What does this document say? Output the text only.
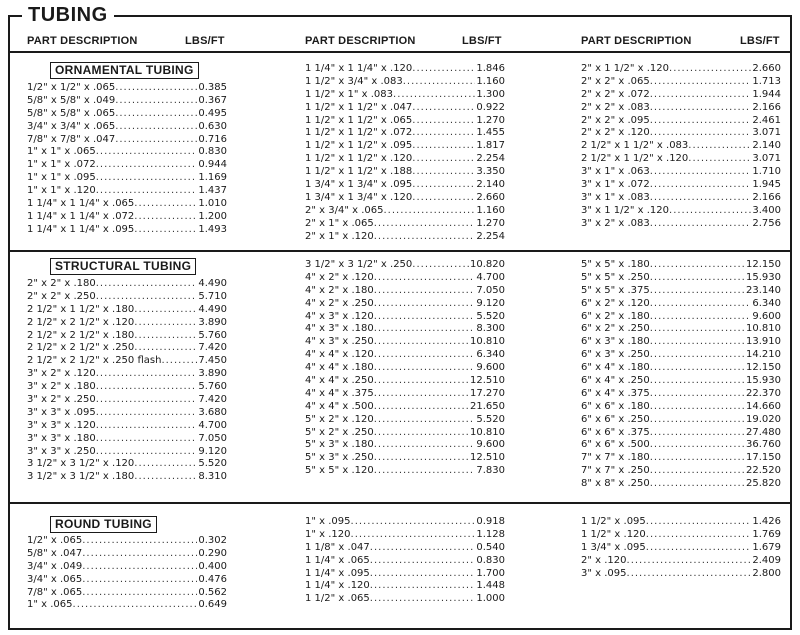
TUBING
PART DESCRIPTION	LBS/FT	PART DESCRIPTION	LBS/FT	PART DESCRIPTION	LBS/FT
ORNAMENTAL TUBING
STRUCTURAL TUBING
ROUND TUBING
1/2" x 1/2" x .065 .....	0.385
5/8" x 5/8" x .049 .....	0.367
5/8" x 5/8" x .065 .....	0.495
3/4" x 3/4" x .065 .....	0.630
7/8" x 7/8" x .047 .....	0.716
1" x 1" x .065 .....	0.830
1" x 1" x .072 .....	0.944
1" x 1" x .095 .....	1.169
1" x 1" x .120 .....	1.437
1 1/4" x 1 1/4" x .065 .....	1.010
1 1/4" x 1 1/4" x .072 .....	1.200
1 1/4" x 1 1/4" x .095 .....	1.493
1 1/4" x 1 1/4" x .120 .....	1.846
1 1/2" x 3/4" x .083 .....	1.160
1 1/2" x 1" x .083 .....	1.300
1 1/2" x 1 1/2" x .047 .....	0.922
1 1/2" x 1 1/2" x .065 .....	1.270
1 1/2" x 1 1/2" x .072 .....	1.455
1 1/2" x 1 1/2" x .095 .....	1.817
1 1/2" x 1 1/2" x .120 .....	2.254
1 1/2" x 1 1/2" x .188 .....	3.350
1 3/4" x 1 3/4" x .095 .....	2.140
1 3/4" x 1 3/4" x .120 .....	2.660
2" x 3/4" x .065 .....	1.160
2" x 1" x .065 .....	1.270
2" x 1" x .120 .....	2.254
2" x 1 1/2" x .120 .....	2.660
2" x 2" x .065 .....	1.713
2" x 2" x .072 .....	1.944
2" x 2" x .083 .....	2.166
2" x 2" x .095 .....	2.461
2" x 2" x .120 .....	3.071
2 1/2" x 1 1/2" x .083 .....	2.140
2 1/2" x 1 1/2" x .120 .....	3.071
3" x 1" x .063 .....	1.710
3" x 1" x .072 .....	1.945
3" x 1" x .083 .....	2.166
3" x 1 1/2" x .120 .....	3.400
3" x 2" x .083 .....	2.756
2" x 2" x .180 .....	4.490
2" x 2" x .250 .....	5.710
2 1/2" x 1 1/2" x .180 .....	4.490
2 1/2" x 2 1/2" x .120 .....	3.890
2 1/2" x 2 1/2" x .180 .....	5.760
2 1/2" x 2 1/2" x .250 .....	7.420
2 1/2" x 2 1/2" x .250 flash .....	7.450
3" x 2" x .120 .....	3.890
3" x 2" x .180 .....	5.760
3" x 2" x .250 .....	7.420
3" x 3" x .095 .....	3.680
3" x 3" x .120 .....	4.700
3" x 3" x .180 .....	7.050
3" x 3" x .250 .....	9.120
3 1/2" x 3 1/2" x .120 .....	5.520
3 1/2" x 3 1/2" x .180 .....	8.310
3 1/2" x 3 1/2" x .250 .....	10.820
4" x 2" x .120 .....	4.700
4" x 2" x .180 .....	7.050
4" x 2" x .250 .....	9.120
4" x 3" x .120 .....	5.520
4" x 3" x .180 .....	8.300
4" x 3" x .250 .....	10.810
4" x 4" x .120 .....	6.340
4" x 4" x .180 .....	9.600
4" x 4" x .250 .....	12.510
4" x 4" x .375 .....	17.270
4" x 4" x .500 .....	21.650
5" x 2" x .120 .....	5.520
5" x 2" x .250 .....	10.810
5" x 3" x .180 .....	9.600
5" x 3" x .250 .....	12.510
5" x 5" x .120 .....	7.830
5" x 5" x .180 .....	12.150
5" x 5" x .250 .....	15.930
5" x 5" x .375 .....	23.140
6" x 2" x .120 .....	6.340
6" x 2" x .180 .....	9.600
6" x 2" x .250 .....	10.810
6" x 3" x .180 .....	13.910
6" x 3" x .250 .....	14.210
6" x 4" x .180 .....	12.150
6" x 4" x .250 .....	15.930
6" x 4" x .375 .....	22.370
6" x 6" x .180 .....	14.660
6" x 6" x .250 .....	19.020
6" x 6" x .375 .....	27.480
6" x 6" x .500 .....	36.760
7" x 7" x .180 .....	17.150
7" x 7" x .250 .....	22.520
8" x 8" x .250 .....	25.820
1/2" x .065 .....	0.302
5/8" x .047 .....	0.290
3/4" x .049 .....	0.400
3/4" x .065 .....	0.476
7/8" x .065 .....	0.562
1" x .065 .....	0.649
1" x .095 .....	0.918
1" x .120 .....	1.128
1 1/8" x .047 .....	0.540
1 1/4" x .065 .....	0.830
1 1/4" x .095 .....	1.700
1 1/4" x .120 .....	1.448
1 1/2" x .065 .....	1.000
1 1/2" x .095 .....	1.426
1 1/2" x .120 .....	1.769
1 3/4" x .095 .....	1.679
2" x .120 .....	2.409
3" x .095 .....	2.800
